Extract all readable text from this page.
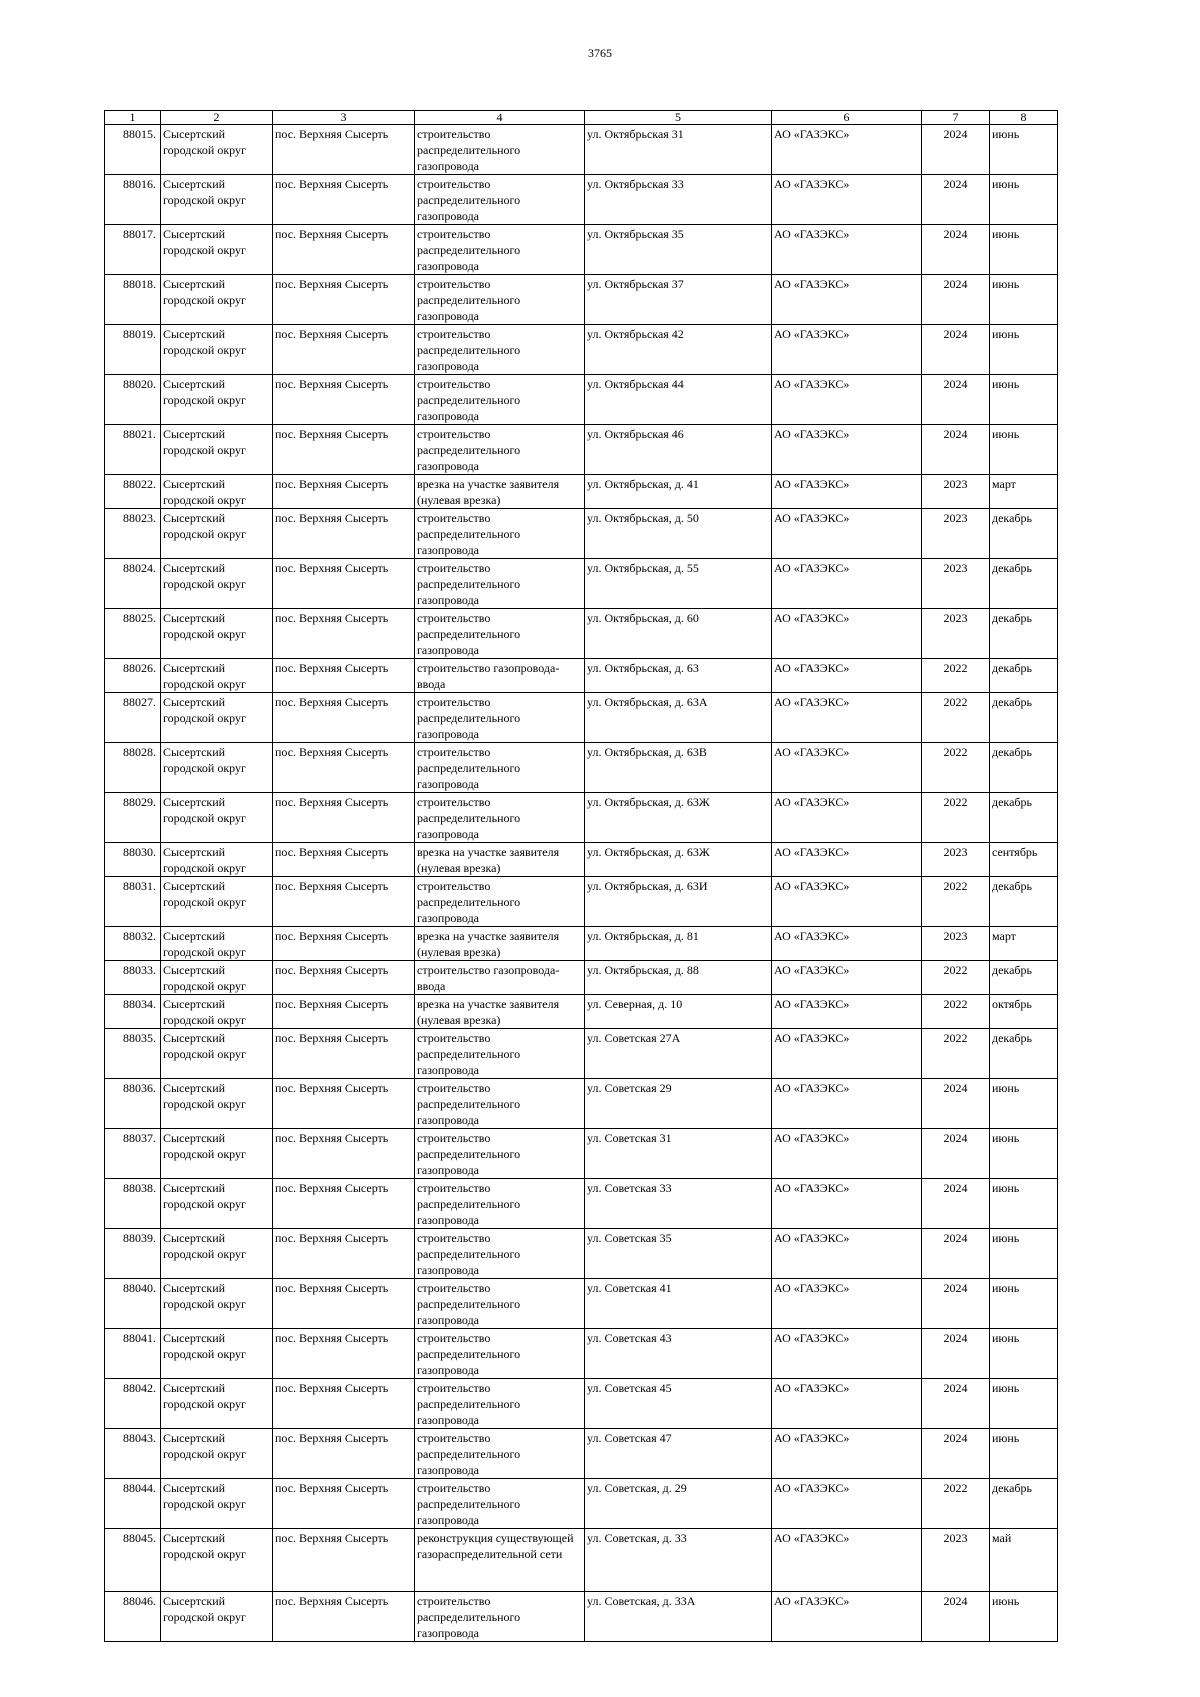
3765
1	2	3	4	5	6	7	8
88015.	Сысертский городской округ	пос. Верхняя Сысерть	строительство распределительного газопровода	ул. Октябрьская 31	АО «ГАЗЭКС»	2024	июнь
88016.	Сысертский городской округ	пос. Верхняя Сысерть	строительство распределительного газопровода	ул. Октябрьская 33	АО «ГАЗЭКС»	2024	июнь
88017.	Сысертский городской округ	пос. Верхняя Сысерть	строительство распределительного газопровода	ул. Октябрьская 35	АО «ГАЗЭКС»	2024	июнь
88018.	Сысертский городской округ	пос. Верхняя Сысерть	строительство распределительного газопровода	ул. Октябрьская 37	АО «ГАЗЭКС»	2024	июнь
88019.	Сысертский городской округ	пос. Верхняя Сысерть	строительство распределительного газопровода	ул. Октябрьская 42	АО «ГАЗЭКС»	2024	июнь
88020.	Сысертский городской округ	пос. Верхняя Сысерть	строительство распределительного газопровода	ул. Октябрьская 44	АО «ГАЗЭКС»	2024	июнь
88021.	Сысертский городской округ	пос. Верхняя Сысерть	строительство распределительного газопровода	ул. Октябрьская 46	АО «ГАЗЭКС»	2024	июнь
88022.	Сысертский городской округ	пос. Верхняя Сысерть	врезка на участке заявителя (нулевая врезка)	ул. Октябрьская, д. 41	АО «ГАЗЭКС»	2023	март
88023.	Сысертский городской округ	пос. Верхняя Сысерть	строительство распределительного газопровода	ул. Октябрьская, д. 50	АО «ГАЗЭКС»	2023	декабрь
88024.	Сысертский городской округ	пос. Верхняя Сысерть	строительство распределительного газопровода	ул. Октябрьская, д. 55	АО «ГАЗЭКС»	2023	декабрь
88025.	Сысертский городской округ	пос. Верхняя Сысерть	строительство распределительного газопровода	ул. Октябрьская, д. 60	АО «ГАЗЭКС»	2023	декабрь
88026.	Сысертский городской округ	пос. Верхняя Сысерть	строительство газопровода-ввода	ул. Октябрьская, д. 63	АО «ГАЗЭКС»	2022	декабрь
88027.	Сысертский городской округ	пос. Верхняя Сысерть	строительство распределительного газопровода	ул. Октябрьская, д. 63А	АО «ГАЗЭКС»	2022	декабрь
88028.	Сысертский городской округ	пос. Верхняя Сысерть	строительство распределительного газопровода	ул. Октябрьская, д. 63В	АО «ГАЗЭКС»	2022	декабрь
88029.	Сысертский городской округ	пос. Верхняя Сысерть	строительство распределительного газопровода	ул. Октябрьская, д. 63Ж	АО «ГАЗЭКС»	2022	декабрь
88030.	Сысертский городской округ	пос. Верхняя Сысерть	врезка на участке заявителя (нулевая врезка)	ул. Октябрьская, д. 63Ж	АО «ГАЗЭКС»	2023	сентябрь
88031.	Сысертский городской округ	пос. Верхняя Сысерть	строительство распределительного газопровода	ул. Октябрьская, д. 63И	АО «ГАЗЭКС»	2022	декабрь
88032.	Сысертский городской округ	пос. Верхняя Сысерть	врезка на участке заявителя (нулевая врезка)	ул. Октябрьская, д. 81	АО «ГАЗЭКС»	2023	март
88033.	Сысертский городской округ	пос. Верхняя Сысерть	строительство газопровода-ввода	ул. Октябрьская, д. 88	АО «ГАЗЭКС»	2022	декабрь
88034.	Сысертский городской округ	пос. Верхняя Сысерть	врезка на участке заявителя (нулевая врезка)	ул. Северная, д. 10	АО «ГАЗЭКС»	2022	октябрь
88035.	Сысертский городской округ	пос. Верхняя Сысерть	строительство распределительного газопровода	ул. Советская 27А	АО «ГАЗЭКС»	2022	декабрь
88036.	Сысертский городской округ	пос. Верхняя Сысерть	строительство распределительного газопровода	ул. Советская 29	АО «ГАЗЭКС»	2024	июнь
88037.	Сысертский городской округ	пос. Верхняя Сысерть	строительство распределительного газопровода	ул. Советская 31	АО «ГАЗЭКС»	2024	июнь
88038.	Сысертский городской округ	пос. Верхняя Сысерть	строительство распределительного газопровода	ул. Советская 33	АО «ГАЗЭКС»	2024	июнь
88039.	Сысертский городской округ	пос. Верхняя Сысерть	строительство распределительного газопровода	ул. Советская 35	АО «ГАЗЭКС»	2024	июнь
88040.	Сысертский городской округ	пос. Верхняя Сысерть	строительство распределительного газопровода	ул. Советская 41	АО «ГАЗЭКС»	2024	июнь
88041.	Сысертский городской округ	пос. Верхняя Сысерть	строительство распределительного газопровода	ул. Советская 43	АО «ГАЗЭКС»	2024	июнь
88042.	Сысертский городской округ	пос. Верхняя Сысерть	строительство распределительного газопровода	ул. Советская 45	АО «ГАЗЭКС»	2024	июнь
88043.	Сысертский городской округ	пос. Верхняя Сысерть	строительство распределительного газопровода	ул. Советская 47	АО «ГАЗЭКС»	2024	июнь
88044.	Сысертский городской округ	пос. Верхняя Сысерть	строительство распределительного газопровода	ул. Советская, д. 29	АО «ГАЗЭКС»	2022	декабрь
88045.	Сысертский городской округ	пос. Верхняя Сысерть	реконструкция существующей газораспределительной сети	ул. Советская, д. 33	АО «ГАЗЭКС»	2023	май
88046.	Сысертский городской округ	пос. Верхняя Сысерть	строительство распределительного газопровода	ул. Советская, д. 33А	АО «ГАЗЭКС»	2024	июнь
